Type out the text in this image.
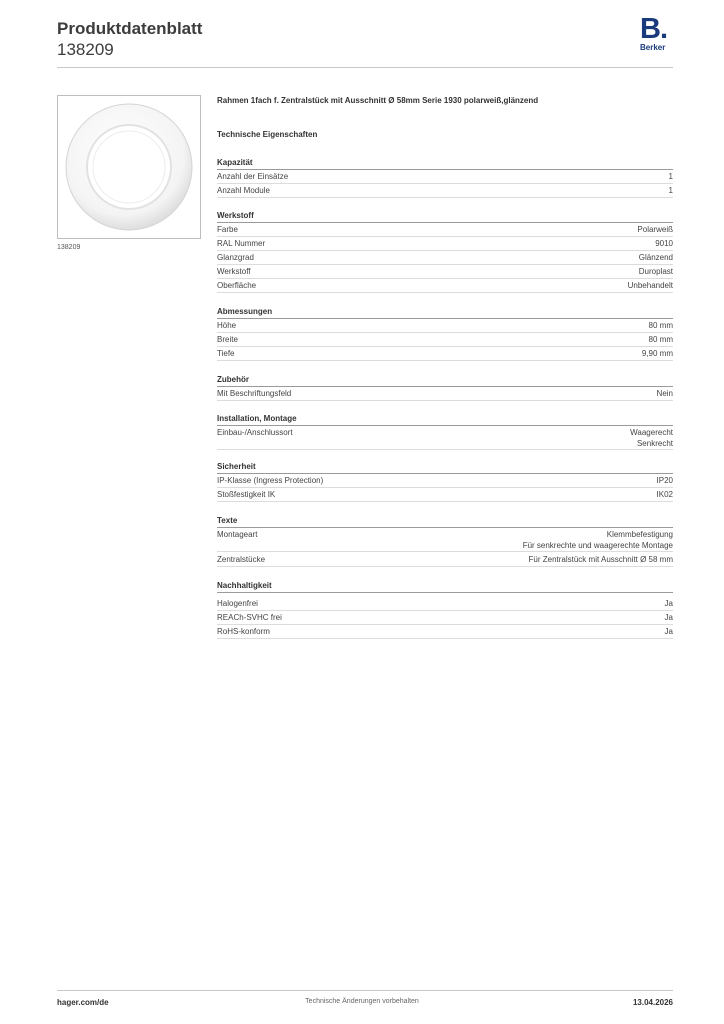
Produktdatenblatt
138209
B.
Berker
138209
Rahmen 1fach f. Zentralstück mit Ausschnitt Ø 58mm Serie 1930 polarweiß,glänzend
Technische Eigenschaften
Kapazität
Anzahl der Einsätze	1
Anzahl Module	1
Werkstoff
Farbe	Polarweiß
RAL Nummer	9010
Glanzgrad	Glänzend
Werkstoff	Duroplast
Oberfläche	Unbehandelt
Abmessungen
Höhe	80 mm
Breite	80 mm
Tiefe	9,90 mm
Zubehör
Mit Beschriftungsfeld	Nein
Installation, Montage
Einbau-/Anschlussort	Waagerecht
Senkrecht
Sicherheit
IP-Klasse (Ingress Protection)	IP20
Stoßfestigkeit IK	IK02
Texte
Montageart	Klemmbefestigung
Für senkrechte und waagerechte Montage
Zentralstücke	Für Zentralstück mit Ausschnitt Ø 58 mm
Nachhaltigkeit
Halogenfrei	Ja
REACh-SVHC frei	Ja
RoHS-konform	Ja
hager.com/de	Technische Änderungen vorbehalten	13.04.2026
